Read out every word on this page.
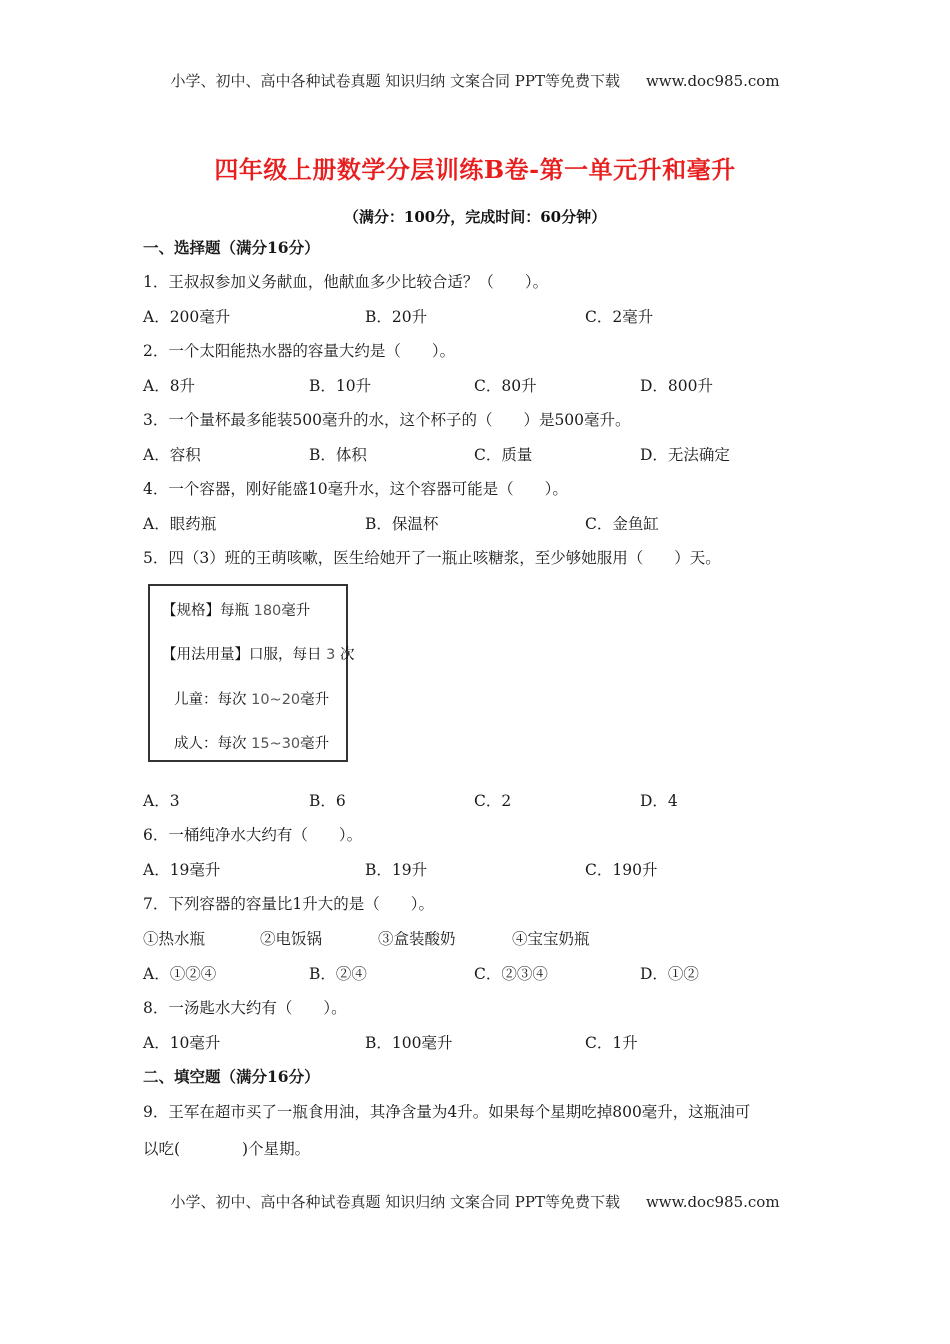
小学、初中、高中各种试卷真题 知识归纳 文案合同 PPT等免费下载 www.doc985.com
四年级上册数学分层训练B卷-第一单元升和毫升
（满分：100分，完成时间：60分钟）
一、选择题（满分16分）
1．王叔叔参加义务献血，他献血多少比较合适？（　　）。
A．200毫升	B．20升	C．2毫升
2．一个太阳能热水器的容量大约是（　　）。
A．8升	B．10升	C．80升	D．800升
3．一个量杯最多能装500毫升的水，这个杯子的（　　）是500毫升。
A．容积	B．体积	C．质量	D．无法确定
4．一个容器，刚好能盛10毫升水，这个容器可能是（　　）。
A．眼药瓶	B．保温杯	C．金鱼缸
5．四（3）班的王萌咳嗽，医生给她开了一瓶止咳糖浆，至少够她服用（　　）天。
【规格】每瓶 180毫升
【用法用量】口服，每日 3 次
儿童：每次 10~20毫升
成人：每次 15~30毫升
A．3	B．6	C．2	D．4
6．一桶纯净水大约有（　　）。
A．19毫升	B．19升	C．190升
7．下列容器的容量比1升大的是（　　）。
①热水瓶	②电饭锅	③盒装酸奶	④宝宝奶瓶
A．①②④	B．②④	C．②③④	D．①②
8．一汤匙水大约有（　　）。
A．10毫升	B．100毫升	C．1升
二、填空题（满分16分）
9．王军在超市买了一瓶食用油，其净含量为4升。如果每个星期吃掉800毫升，这瓶油可
以吃(　　　　)个星期。
小学、初中、高中各种试卷真题 知识归纳 文案合同 PPT等免费下载 www.doc985.com
